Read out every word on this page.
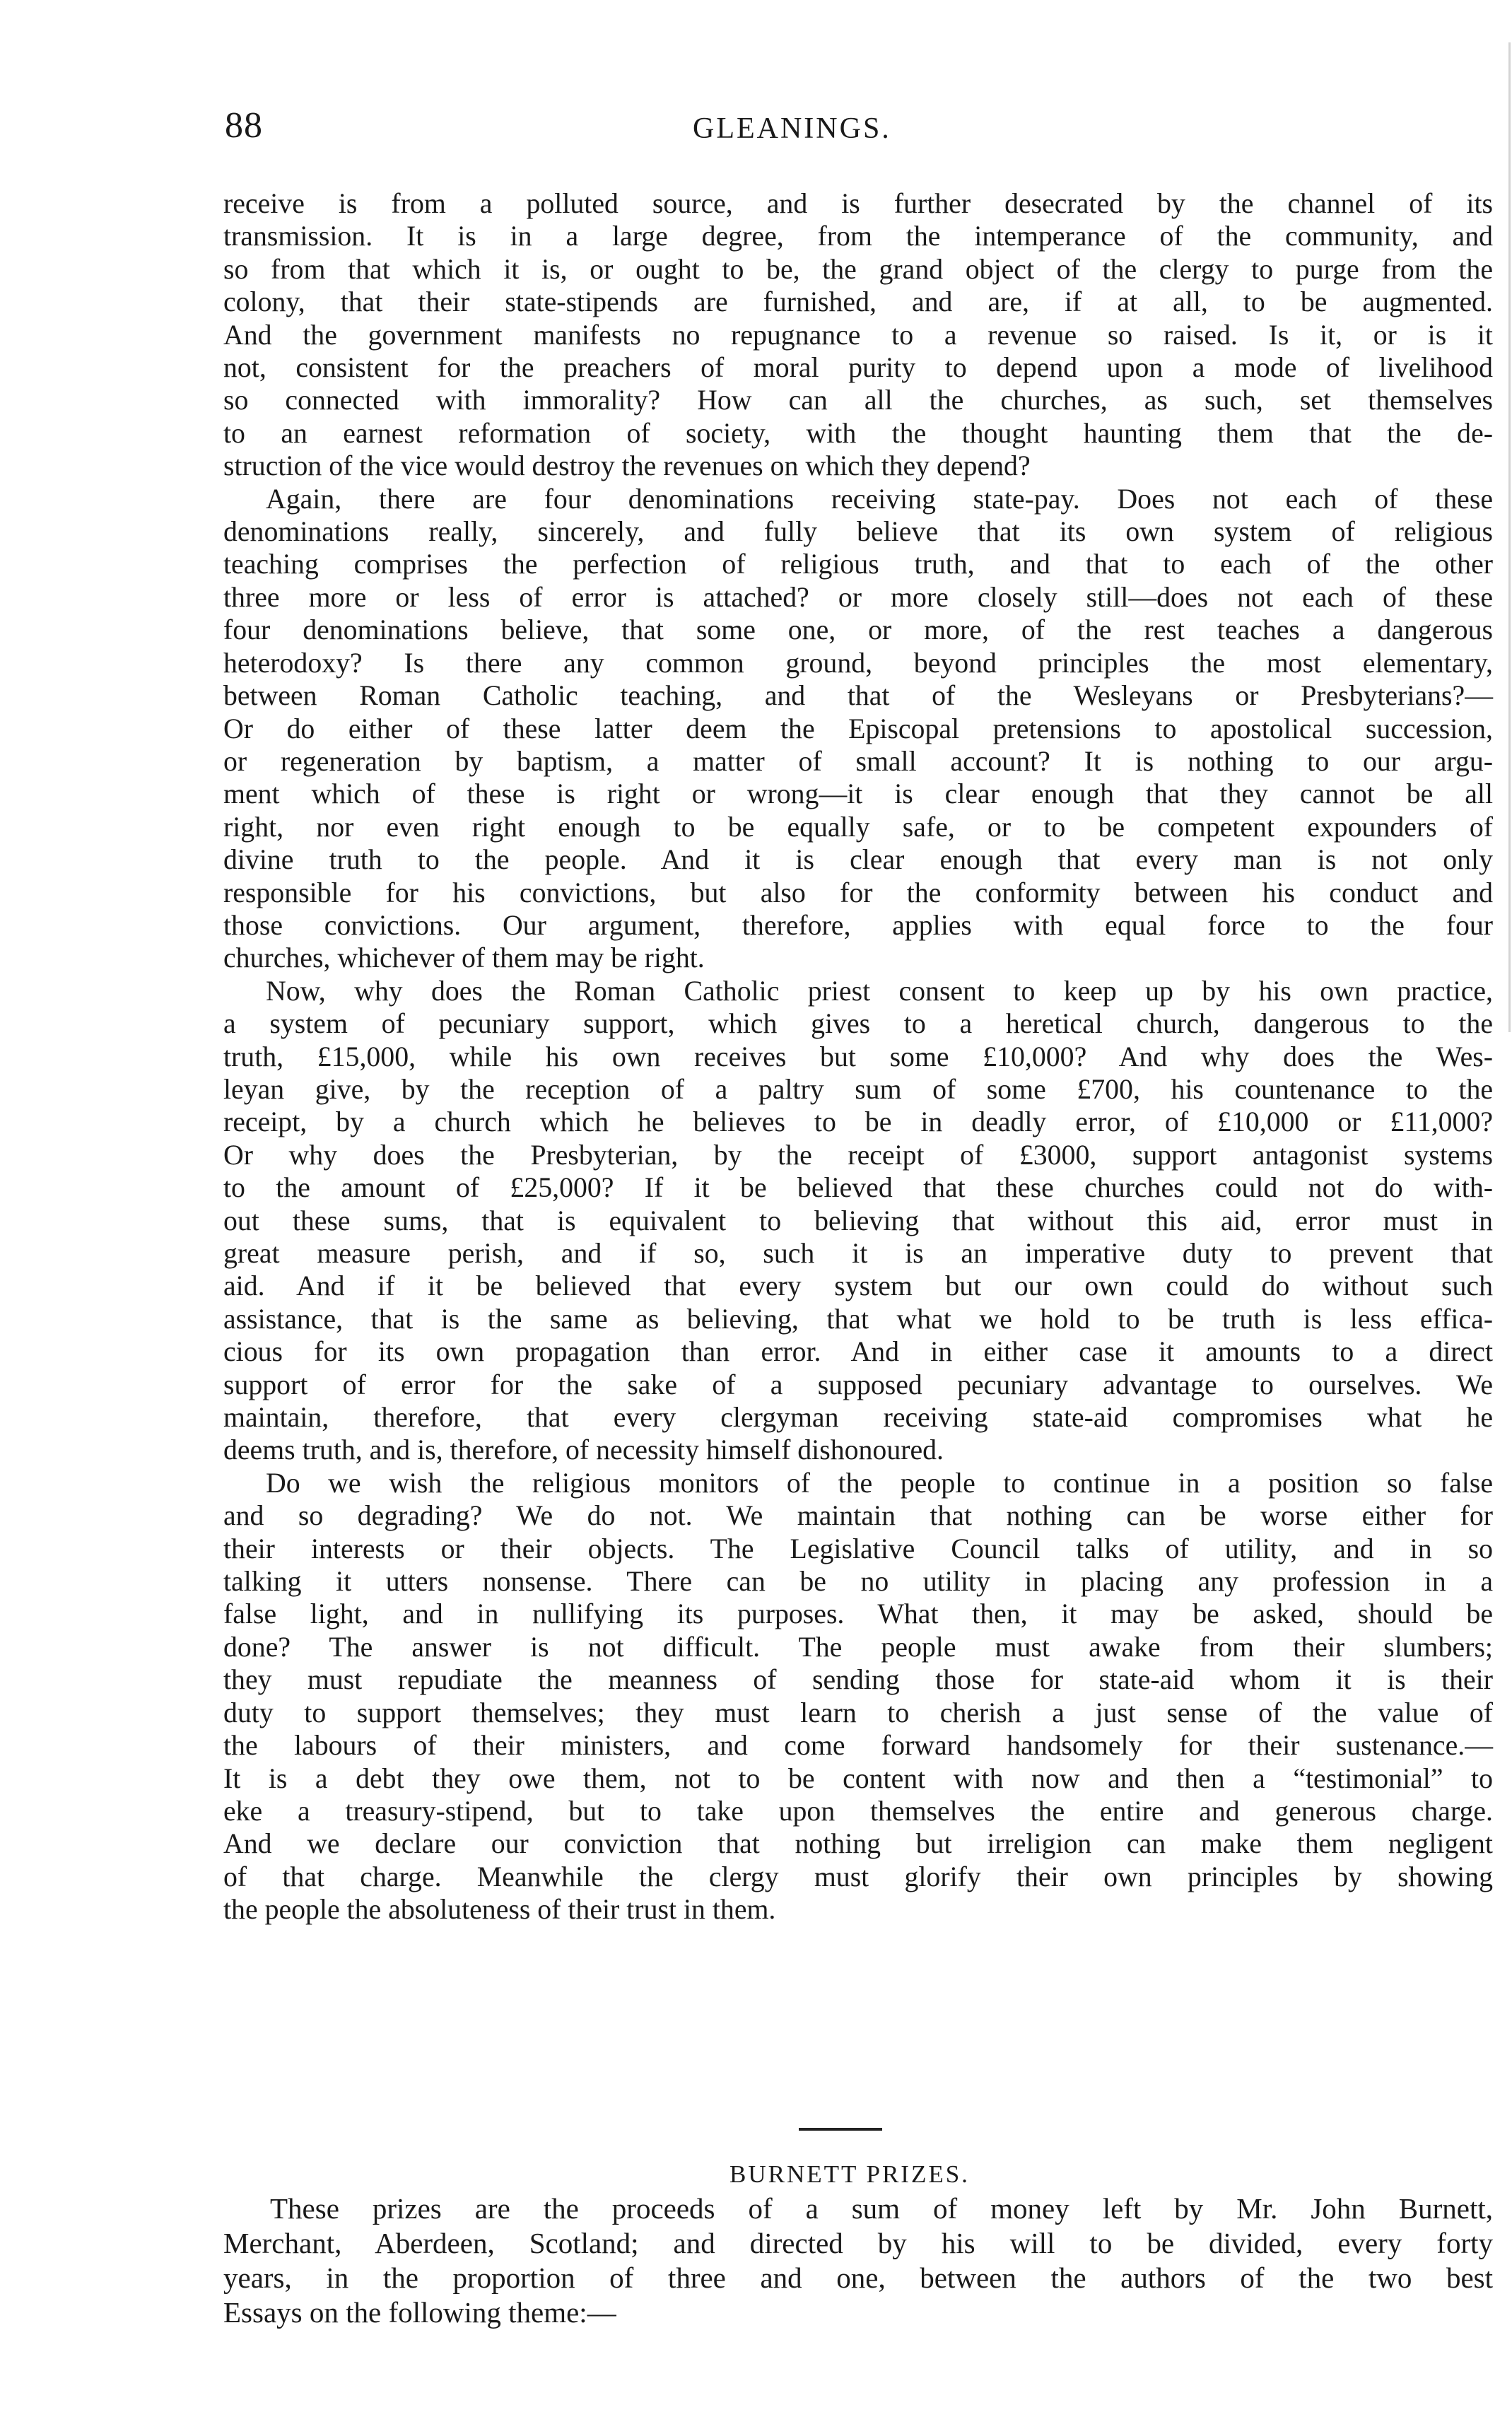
88	GLEANINGS.
receive is from a polluted source, and is further desecrated by the channel of its
transmission. It is in a large degree, from the intemperance of the community, and
so from that which it is, or ought to be, the grand object of the clergy to purge from the
colony, that their state-stipends are furnished, and are, if at all, to be augmented.
And the government manifests no repugnance to a revenue so raised. Is it, or is it
not, consistent for the preachers of moral purity to depend upon a mode of livelihood
so connected with immorality? How can all the churches, as such, set themselves
to an earnest reformation of society, with the thought haunting them that the de-
struction of the vice would destroy the revenues on which they depend?
Again, there are four denominations receiving state-pay. Does not each of these
denominations really, sincerely, and fully believe that its own system of religious
teaching comprises the perfection of religious truth, and that to each of the other
three more or less of error is attached? or more closely still—does not each of these
four denominations believe, that some one, or more, of the rest teaches a dangerous
heterodoxy? Is there any common ground, beyond principles the most elementary,
between Roman Catholic teaching, and that of the Wesleyans or Presbyterians?—
Or do either of these latter deem the Episcopal pretensions to apostolical succession,
or regeneration by baptism, a matter of small account? It is nothing to our argu-
ment which of these is right or wrong—it is clear enough that they cannot be all
right, nor even right enough to be equally safe, or to be competent expounders of
divine truth to the people. And it is clear enough that every man is not only
responsible for his convictions, but also for the conformity between his conduct and
those convictions. Our argument, therefore, applies with equal force to the four
churches, whichever of them may be right.
Now, why does the Roman Catholic priest consent to keep up by his own practice,
a system of pecuniary support, which gives to a heretical church, dangerous to the
truth, £15,000, while his own receives but some £10,000? And why does the Wes-
leyan give, by the reception of a paltry sum of some £700, his countenance to the
receipt, by a church which he believes to be in deadly error, of £10,000 or £11,000?
Or why does the Presbyterian, by the receipt of £3000, support antagonist systems
to the amount of £25,000? If it be believed that these churches could not do with-
out these sums, that is equivalent to believing that without this aid, error must in
great measure perish, and if so, such it is an imperative duty to prevent that
aid. And if it be believed that every system but our own could do without such
assistance, that is the same as believing, that what we hold to be truth is less effica-
cious for its own propagation than error. And in either case it amounts to a direct
support of error for the sake of a supposed pecuniary advantage to ourselves. We
maintain, therefore, that every clergyman receiving state-aid compromises what he
deems truth, and is, therefore, of necessity himself dishonoured.
Do we wish the religious monitors of the people to continue in a position so false
and so degrading? We do not. We maintain that nothing can be worse either for
their interests or their objects. The Legislative Council talks of utility, and in so
talking it utters nonsense. There can be no utility in placing any profession in a
false light, and in nullifying its purposes. What then, it may be asked, should be
done? The answer is not difficult. The people must awake from their slumbers;
they must repudiate the meanness of sending those for state-aid whom it is their
duty to support themselves; they must learn to cherish a just sense of the value of
the labours of their ministers, and come forward handsomely for their sustenance.—
It is a debt they owe them, not to be content with now and then a “testimonial” to
eke a treasury-stipend, but to take upon themselves the entire and generous charge.
And we declare our conviction that nothing but irreligion can make them negligent
of that charge. Meanwhile the clergy must glorify their own principles by showing
the people the absoluteness of their trust in them.
BURNETT PRIZES.
These prizes are the proceeds of a sum of money left by Mr. John Burnett,
Merchant, Aberdeen, Scotland; and directed by his will to be divided, every forty
years, in the proportion of three and one, between the authors of the two best
Essays on the following theme:—
